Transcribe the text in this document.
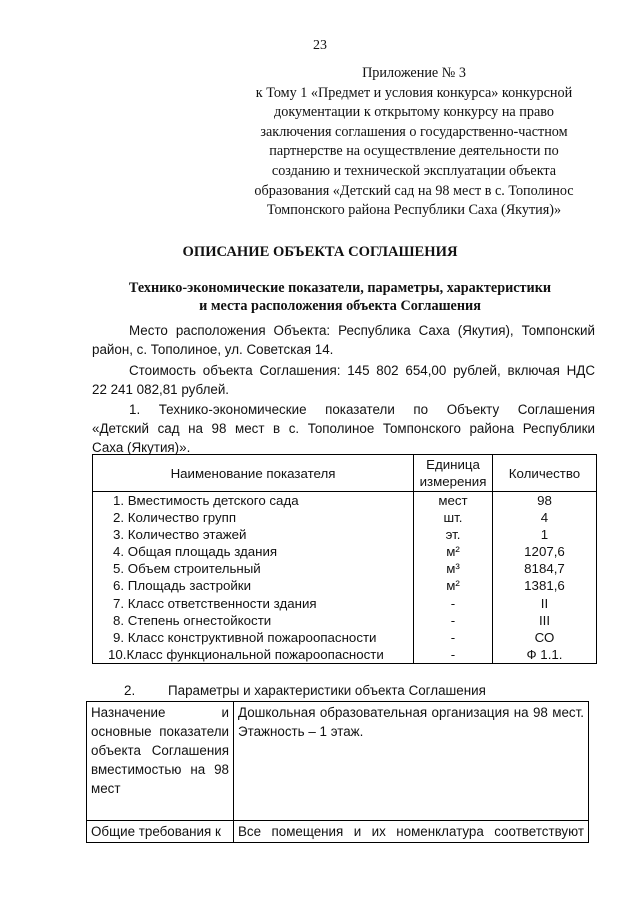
23
Приложение № 3
к Тому 1 «Предмет и условия конкурса» конкурсной
документации к открытому конкурсу на право
заключения соглашения о государственно-частном
партнерстве на осуществление деятельности по
созданию и технической эксплуатации объекта
образования «Детский сад на 98 мест в с. Тополинос
Томпонского района Республики Саха (Якутия)»
ОПИСАНИЕ ОБЪЕКТА СОГЛАШЕНИЯ
Технико-экономические показатели, параметры, характеристики
и места расположения объекта Соглашения
Место расположения Объекта: Республика Саха (Якутия), Томпонский
район, с. Тополиное, ул. Советская 14.
Стоимость объекта Соглашения: 145 802 654,00 рублей, включая НДС
22 241 082,81 рублей.
1. Технико-экономические показатели по Объекту Соглашения
«Детский сад на 98 мест в с. Тополиное Томпонского района Республики
Саха (Якутия)».
Наименование показателя	Единица измерения	Количество
1. Вместимость детского сада	мест	98
2. Количество групп	шт.	4
3. Количество этажей	эт.	1
4. Общая площадь здания	м²	1207,6
5. Объем строительный	м³	8184,7
6. Площадь застройки	м²	1381,6
7. Класс ответственности здания	-	II
8. Степень огнестойкости	-	III
9. Класс конструктивной пожароопасности	-	СО
10.Класс функциональной пожароопасности	-	Ф 1.1.
2. Параметры и характеристики объекта Соглашения
Назначение и основные показатели объекта Соглашения вместимостью на 98 мест	Дошкольная образовательная организация на 98 мест. Этажность – 1 этаж.
Общие требования к	Все помещения и их номенклатура соответствуют
